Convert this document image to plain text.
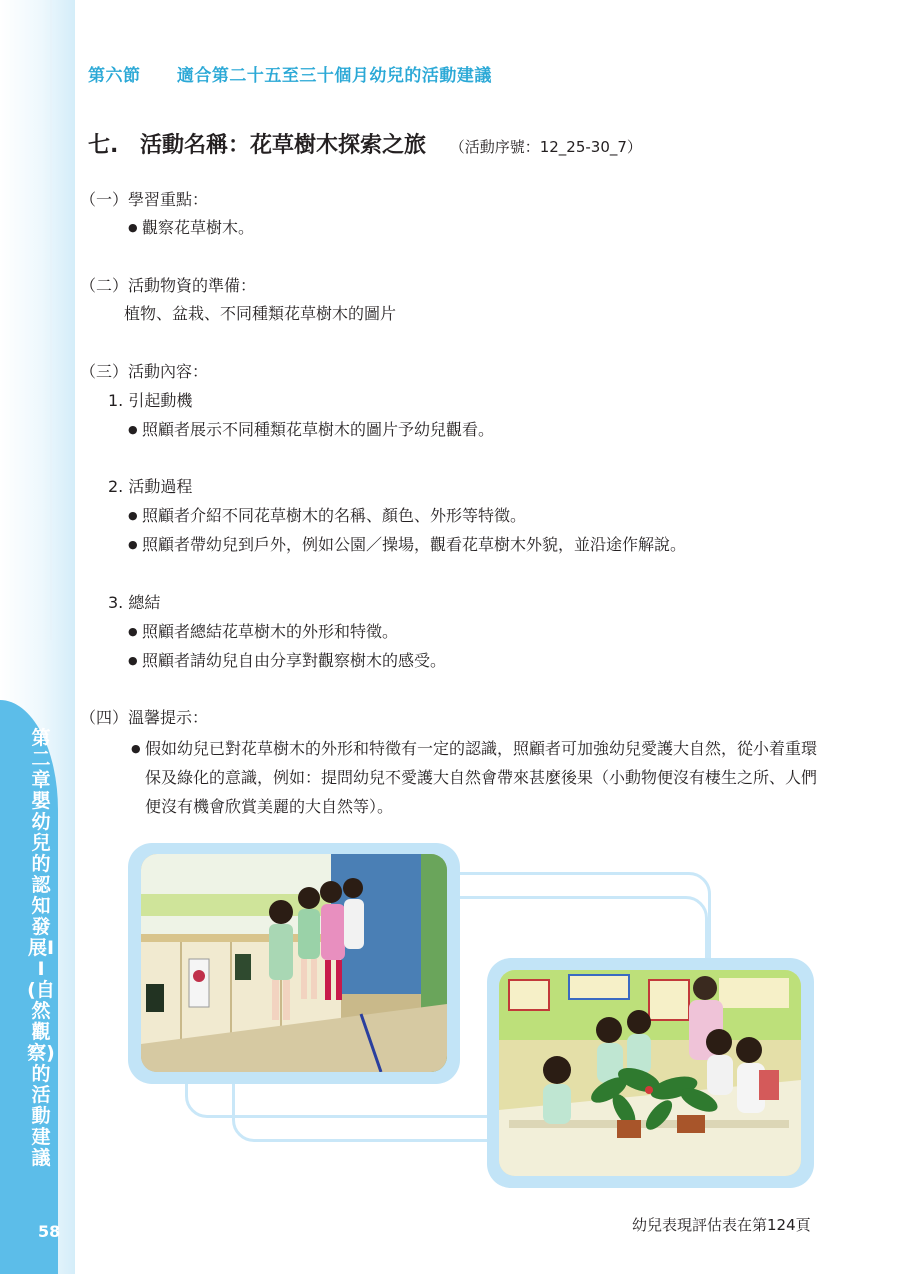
第二章 嬰幼兒的認知發展II(自然觀察)的活動建議
58
第六節 適合第二十五至三十個月幼兒的活動建議
七. 活動名稱：花草樹木探索之旅 （活動序號：12_25-30_7）
（一）學習重點：
● 觀察花草樹木。
（二）活動物資的準備：
植物、盆栽、不同種類花草樹木的圖片
（三）活動內容：
1. 引起動機
● 照顧者展示不同種類花草樹木的圖片予幼兒觀看。
2. 活動過程
● 照顧者介紹不同花草樹木的名稱、顏色、外形等特徵。
● 照顧者帶幼兒到戶外，例如公園／操場，觀看花草樹木外貌，並沿途作解說。
3. 總結
● 照顧者總結花草樹木的外形和特徵。
● 照顧者請幼兒自由分享對觀察樹木的感受。
（四）溫馨提示：
● 假如幼兒已對花草樹木的外形和特徵有一定的認識，照顧者可加強幼兒愛護大自然，從小着重環保及綠化的意識，例如：提問幼兒不愛護大自然會帶來甚麼後果（小動物便沒有棲生之所、人們便沒有機會欣賞美麗的大自然等）。
幼兒表現評估表在第124頁
